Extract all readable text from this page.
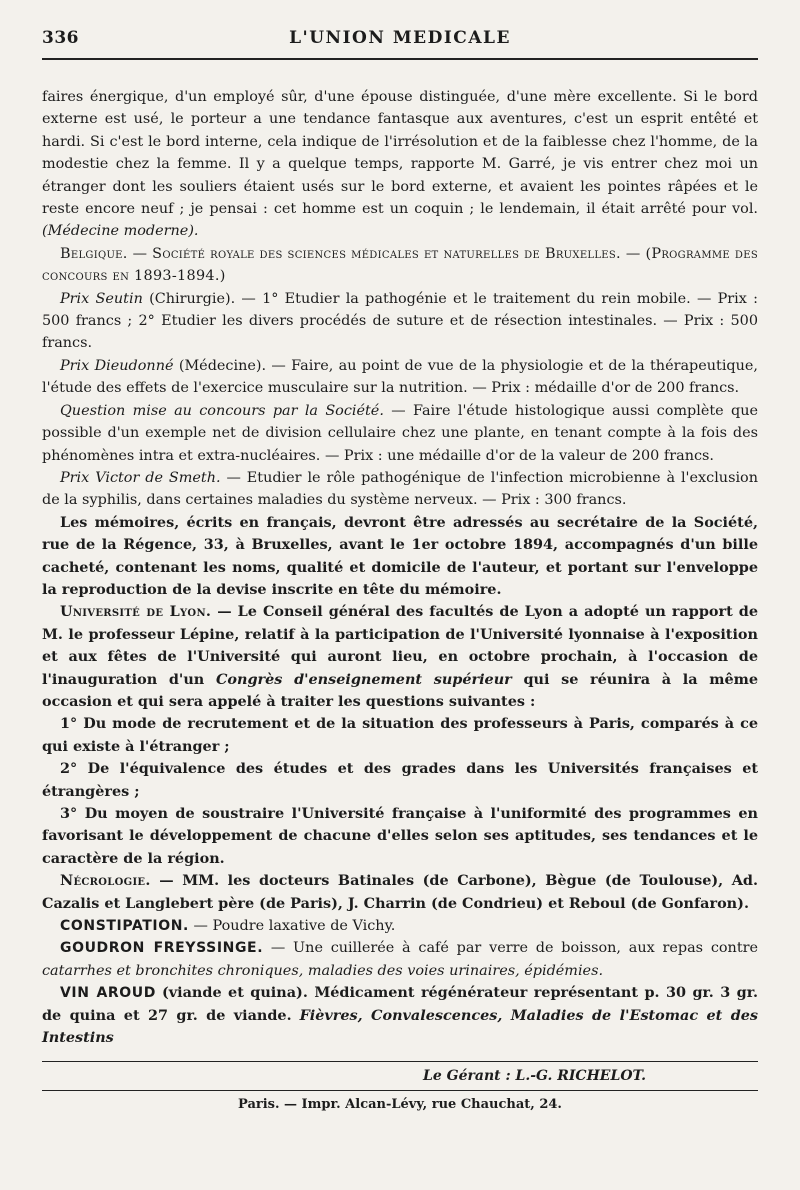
336	L'UNION MEDICALE

faires énergique, d'un employé sûr, d'une épouse distinguée, d'une mère excellente. Si le bord externe est usé, le porteur a une tendance fantasque aux aventures, c'est un esprit entêté et hardi. Si c'est le bord interne, cela indique de l'irrésolution et de la faiblesse chez l'homme, de la modestie chez la femme. Il y a quelque temps, rapporte M. Garré, je vis entrer chez moi un étranger dont les souliers étaient usés sur le bord externe, et avaient les pointes râpées et le reste encore neuf ; je pensai : cet homme est un coquin ; le lendemain, il était arrêté pour vol. (Médecine moderne).

Belgique. — Société royale des sciences médicales et naturelles de Bruxelles. — (Programme des concours en 1893-1894.)

Prix Seutin (Chirurgie). — 1° Etudier la pathogénie et le traitement du rein mobile. — Prix : 500 francs ; 2° Etudier les divers procédés de suture et de résection intestinales. — Prix : 500 francs.

Prix Dieudonné (Médecine). — Faire, au point de vue de la physiologie et de la thérapeutique, l'étude des effets de l'exercice musculaire sur la nutrition. — Prix : médaille d'or de 200 francs.

Question mise au concours par la Société. — Faire l'étude histologique aussi complète que possible d'un exemple net de division cellulaire chez une plante, en tenant compte à la fois des phénomènes intra et extra-nucléaires. — Prix : une médaille d'or de la valeur de 200 francs.

Prix Victor de Smeth. — Etudier le rôle pathogénique de l'infection microbienne à l'exclusion de la syphilis, dans certaines maladies du système nerveux. — Prix : 300 francs.

Les mémoires, écrits en français, devront être adressés au secrétaire de la Société, rue de la Régence, 33, à Bruxelles, avant le 1er octobre 1894, accompagnés d'un bille cacheté, contenant les noms, qualité et domicile de l'auteur, et portant sur l'enveloppe la reproduction de la devise inscrite en tête du mémoire.

Université de Lyon. — Le Conseil général des facultés de Lyon a adopté un rapport de M. le professeur Lépine, relatif à la participation de l'Université lyonnaise à l'exposition et aux fêtes de l'Université qui auront lieu, en octobre prochain, à l'occasion de l'inauguration d'un Congrès d'enseignement supérieur qui se réunira à la même occasion et qui sera appelé à traiter les questions suivantes :

1° Du mode de recrutement et de la situation des professeurs à Paris, comparés à ce qui existe à l'étranger ;

2° De l'équivalence des études et des grades dans les Universités françaises et étrangères ;

3° Du moyen de soustraire l'Université française à l'uniformité des programmes en favorisant le développement de chacune d'elles selon ses aptitudes, ses tendances et le caractère de la région.

Nécrologie. — MM. les docteurs Batinales (de Carbone), Bègue (de Toulouse), Ad. Cazalis et Langlebert père (de Paris), J. Charrin (de Condrieu) et Reboul (de Gonfaron).

CONSTIPATION. — Poudre laxative de Vichy.

GOUDRON FREYSSINGE. — Une cuillerée à café par verre de boisson, aux repas contre catarrhes et bronchites chroniques, maladies des voies urinaires, épidémies.

VIN AROUD (viande et quina). Médicament régénérateur représentant p. 30 gr. 3 gr. de quina et 27 gr. de viande. Fièvres, Convalescences, Maladies de l'Estomac et des Intestins

Le Gérant : L.-G. RICHELOT.
Paris. — Impr. Alcan-Lévy, rue Chauchat, 24.
